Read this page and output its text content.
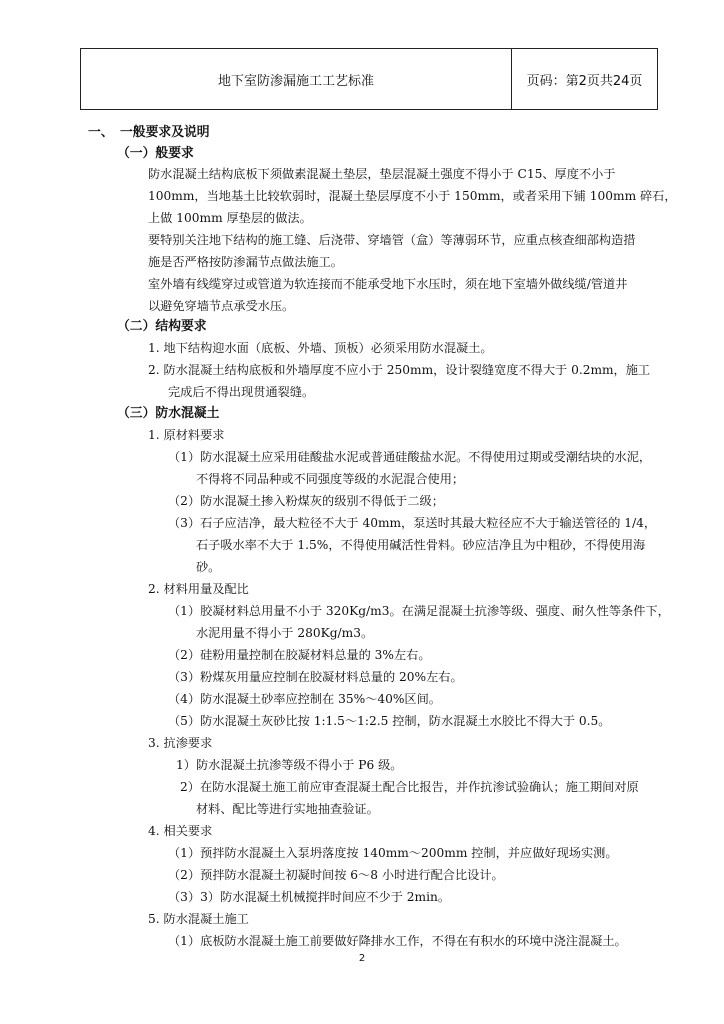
地下室防渗漏施工工艺标准	页码：第2页共24页
一、 一般要求及说明
（一）般要求
防水混凝土结构底板下须做素混凝土垫层，垫层混凝土强度不得小于 C15、厚度不小于
100mm，当地基土比较软弱时，混凝土垫层厚度不小于 150mm，或者采用下铺 100mm 碎石，
上做 100mm 厚垫层的做法。
要特别关注地下结构的施工缝、后浇带、穿墙管（盒）等薄弱环节，应重点核查细部构造措
施是否严格按防渗漏节点做法施工。
室外墙有线缆穿过或管道为软连接而不能承受地下水压时，须在地下室墙外做线缆/管道井
以避免穿墙节点承受水压。
（二）结构要求
1. 地下结构迎水面（底板、外墙、顶板）必须采用防水混凝土。
2. 防水混凝土结构底板和外墙厚度不应小于 250mm，设计裂缝宽度不得大于 0.2mm，施工
完成后不得出现贯通裂缝。
（三）防水混凝土
1. 原材料要求
（1）防水混凝土应采用硅酸盐水泥或普通硅酸盐水泥。不得使用过期或受潮结块的水泥，
不得将不同品种或不同强度等级的水泥混合使用；
（2）防水混凝土掺入粉煤灰的级别不得低于二级；
（3）石子应洁净，最大粒径不大于 40mm，泵送时其最大粒径应不大于输送管径的 1/4，
石子吸水率不大于 1.5%，不得使用碱活性骨料。砂应洁净且为中粗砂，不得使用海
砂。
2. 材料用量及配比
（1）胶凝材料总用量不小于 320Kg/m3。在满足混凝土抗渗等级、强度、耐久性等条件下，
水泥用量不得小于 280Kg/m3。
（2）硅粉用量控制在胶凝材料总量的 3%左右。
（3）粉煤灰用量应控制在胶凝材料总量的 20%左右。
（4）防水混凝土砂率应控制在 35%～40%区间。
（5）防水混凝土灰砂比按 1:1.5～1:2.5 控制，防水混凝土水胶比不得大于 0.5。
3. 抗渗要求
1）防水混凝土抗渗等级不得小于 P6 级。
2）在防水混凝土施工前应审查混凝土配合比报告，并作抗渗试验确认；施工期间对原
材料、配比等进行实地抽查验证。
4. 相关要求
（1）预拌防水混凝土入泵坍落度按 140mm～200mm 控制，并应做好现场实测。
（2）预拌防水混凝土初凝时间按 6～8 小时进行配合比设计。
（3）3）防水混凝土机械搅拌时间应不少于 2min。
5. 防水混凝土施工
（1）底板防水混凝土施工前要做好降排水工作，不得在有积水的环境中浇注混凝土。
2
